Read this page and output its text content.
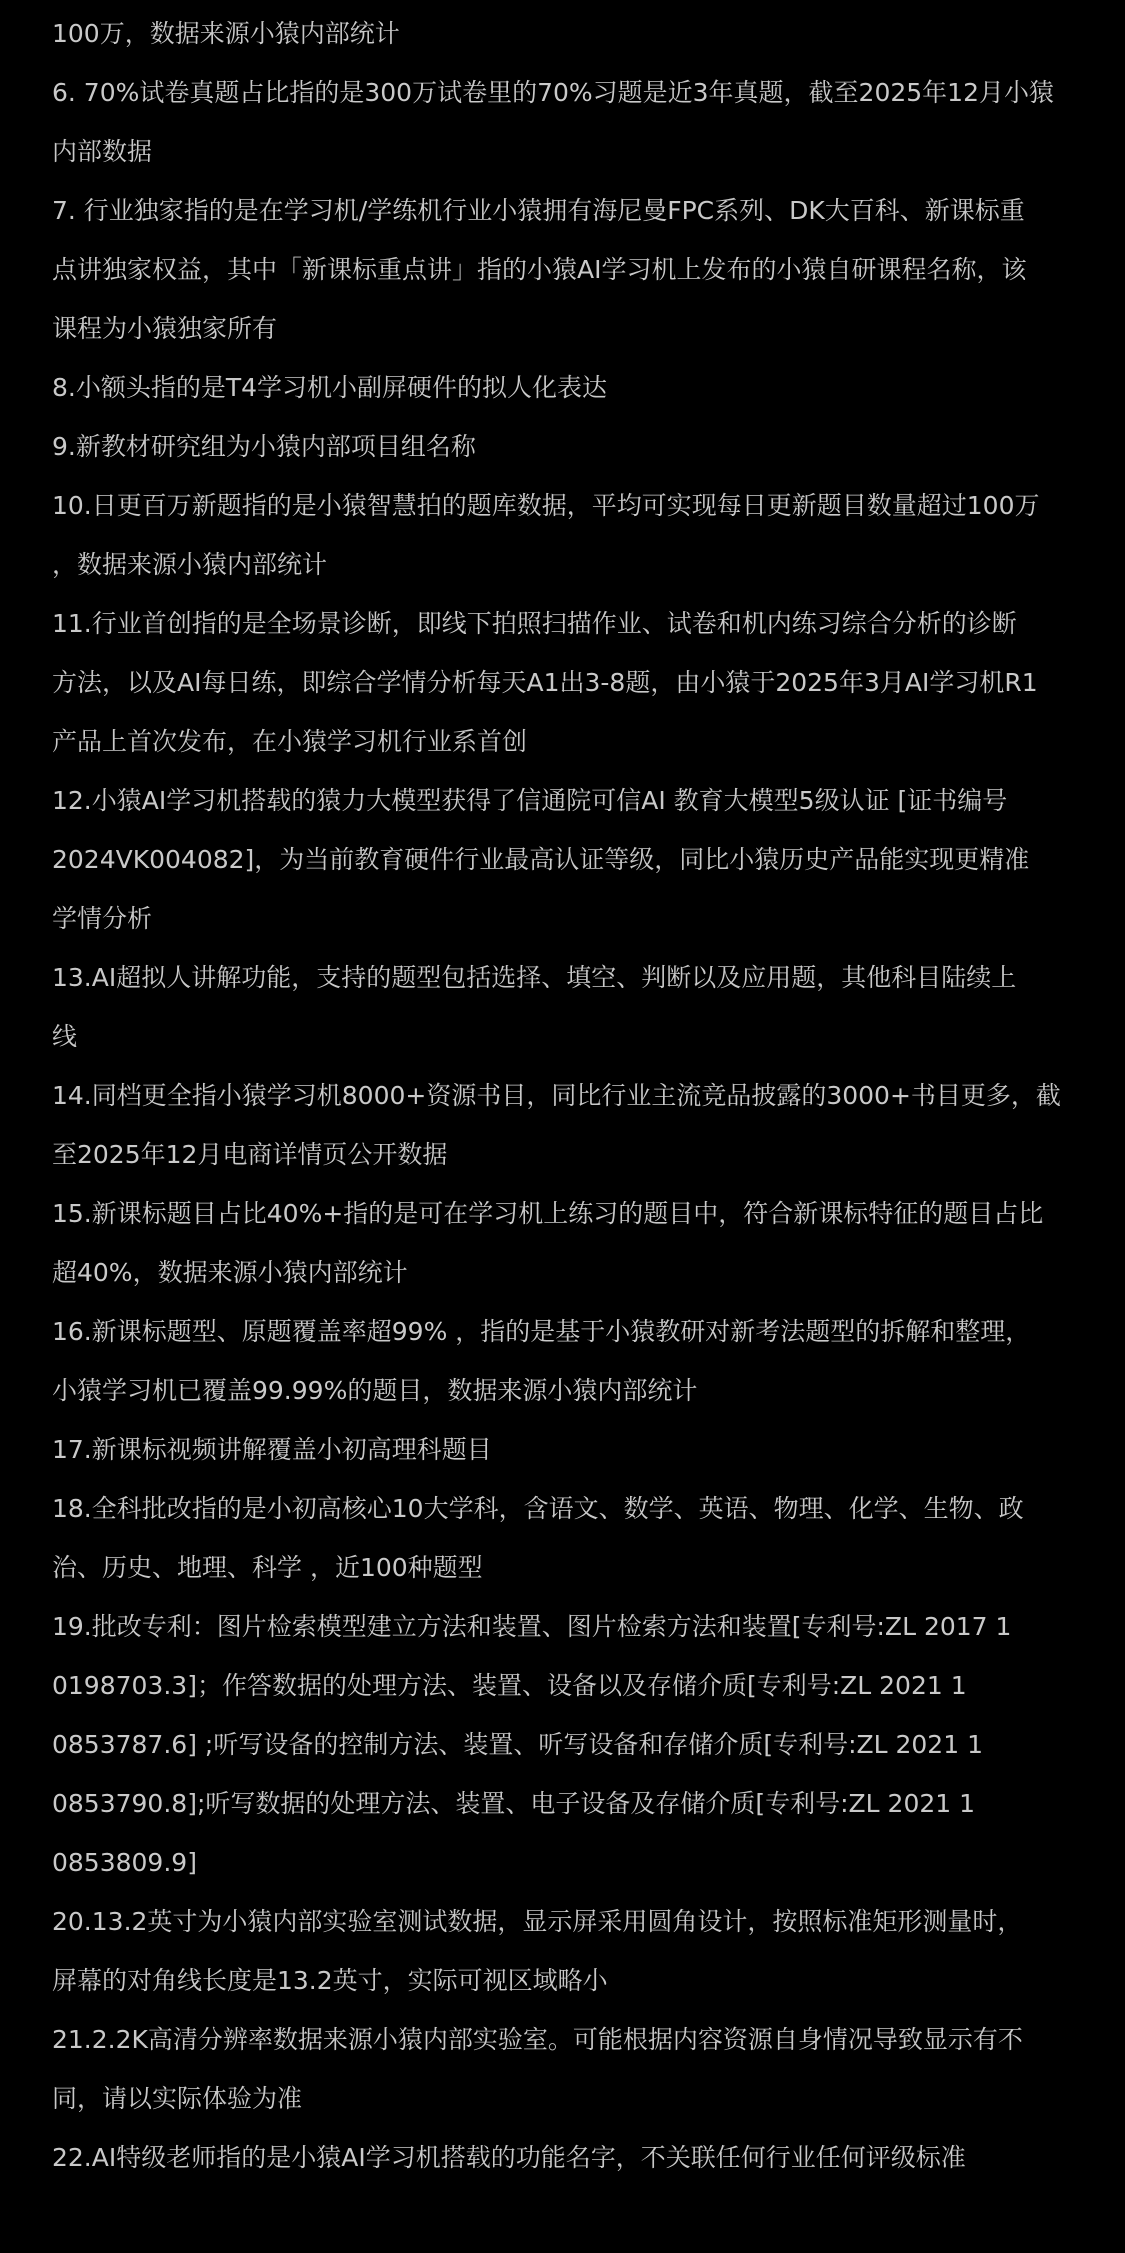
100万，数据来源小猿内部统计
6. 70%试卷真题占比指的是300万试卷里的70%习题是近3年真题，截至2025年12月小猿
内部数据
7. 行业独家指的是在学习机/学练机行业小猿拥有海尼曼FPC系列、DK大百科、新课标重
点讲独家权益，其中「新课标重点讲」指的小猿AI学习机上发布的小猿自研课程名称，该
课程为小猿独家所有
8.小额头指的是T4学习机小副屏硬件的拟人化表达
9.新教材研究组为小猿内部项目组名称
10.日更百万新题指的是小猿智慧拍的题库数据，平均可实现每日更新题目数量超过100万
，数据来源小猿内部统计
11.行业首创指的是全场景诊断，即线下拍照扫描作业、试卷和机内练习综合分析的诊断
方法，以及AI每日练，即综合学情分析每天A1出3-8题，由小猿于2025年3月AI学习机R1
产品上首次发布，在小猿学习机行业系首创
12.小猿AI学习机搭载的猿力大模型获得了信通院可信AI 教育大模型5级认证 [证书编号
2024VK004082]，为当前教育硬件行业最高认证等级，同比小猿历史产品能实现更精准
学情分析
13.AI超拟人讲解功能，支持的题型包括选择、填空、判断以及应用题，其他科目陆续上
线
14.同档更全指小猿学习机8000+资源书目，同比行业主流竞品披露的3000+书目更多，截
至2025年12月电商详情页公开数据
15.新课标题目占比40%+指的是可在学习机上练习的题目中，符合新课标特征的题目占比
超40%，数据来源小猿内部统计
16.新课标题型、原题覆盖率超99% ，指的是基于小猿教研对新考法题型的拆解和整理，
小猿学习机已覆盖99.99%的题目，数据来源小猿内部统计
17.新课标视频讲解覆盖小初高理科题目
18.全科批改指的是小初高核心10大学科，含语文、数学、英语、物理、化学、生物、政
治、历史、地理、科学 ，近100种题型
19.批改专利：图片检索模型建立方法和装置、图片检索方法和装置[专利号:ZL 2017 1
0198703.3]；作答数据的处理方法、装置、设备以及存储介质[专利号:ZL 2021 1
0853787.6] ;听写设备的控制方法、装置、听写设备和存储介质[专利号:ZL 2021 1
0853790.8];听写数据的处理方法、装置、电子设备及存储介质[专利号:ZL 2021 1
0853809.9]
20.13.2英寸为小猿内部实验室测试数据，显示屏采用圆角设计，按照标准矩形测量时，
屏幕的对角线长度是13.2英寸，实际可视区域略小
21.2.2K高清分辨率数据来源小猿内部实验室。可能根据内容资源自身情况导致显示有不
同，请以实际体验为准
22.AI特级老师指的是小猿AI学习机搭载的功能名字，不关联任何行业任何评级标准
